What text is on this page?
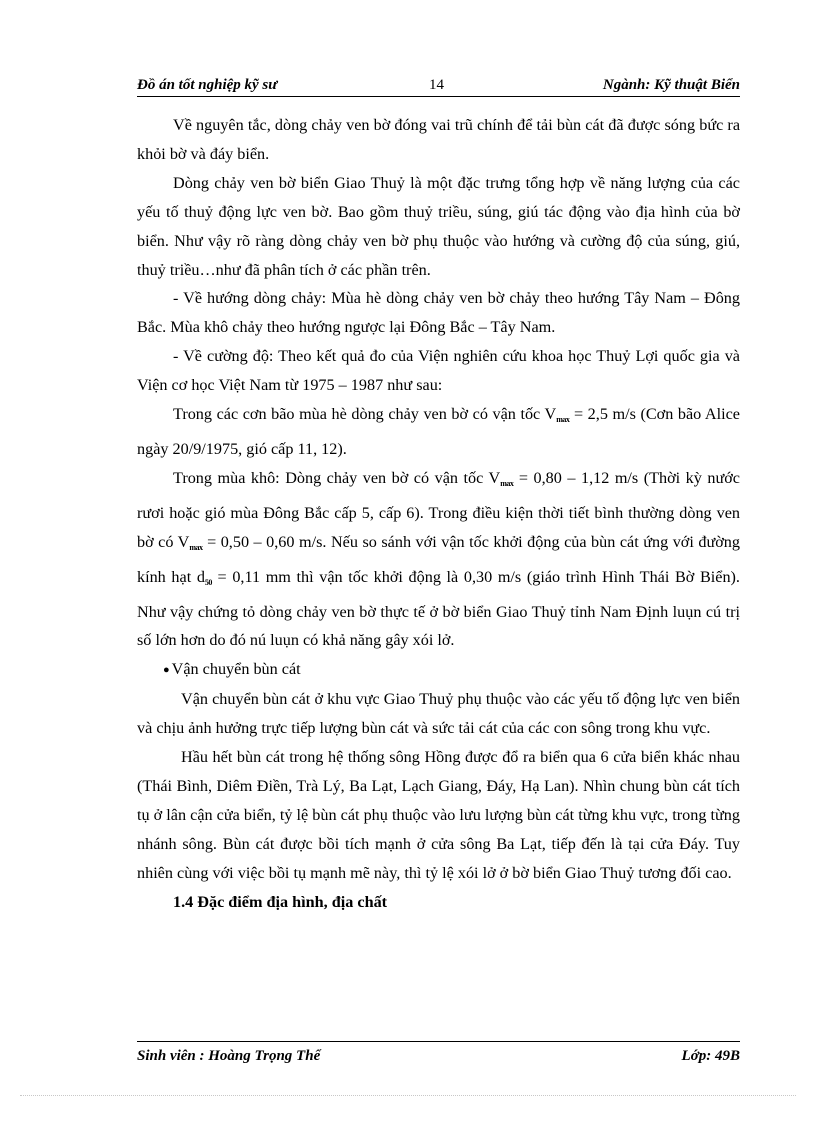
Đồ án tốt nghiệp kỹ sư	14	Ngành: Kỹ thuật Biển

Về nguyên tắc, dòng chảy ven bờ đóng vai trũ chính để tải bùn cát đã được sóng bức ra khỏi bờ và đáy biển.

Dòng chảy ven bờ biển Giao Thuỷ là một đặc trưng tổng hợp về năng lượng của các yếu tố thuỷ động lực ven bờ. Bao gồm thuỷ triều, súng, giú tác động vào địa hình của bờ biển. Như vậy rõ ràng dòng chảy ven bờ phụ thuộc vào hướng và cường độ của súng, giú, thuỷ triều…như đã phân tích ở các phần trên.

- Về hướng dòng chảy: Mùa hè dòng chảy ven bờ chảy theo hướng Tây Nam – Đông Bắc. Mùa khô chảy theo hướng ngược lại Đông Bắc – Tây Nam.

- Về cường độ: Theo kết quả đo của Viện nghiên cứu khoa học Thuỷ Lợi quốc gia và Viện cơ học Việt Nam từ 1975 – 1987 như sau:

Trong các cơn bão mùa hè dòng chảy ven bờ có vận tốc $V_{max} = 2,5$ m/s (Cơn bão Alice ngày 20/9/1975, gió cấp 11, 12).

Trong mùa khô: Dòng chảy ven bờ có vận tốc $V_{max} = 0,80 - 1,12$ m/s (Thời kỳ nước rươi hoặc gió mùa Đông Bắc cấp 5, cấp 6). Trong điều kiện thời tiết bình thường dòng ven bờ có $V_{max} = 0,50 - 0,60$ m/s. Nếu so sánh với vận tốc khởi động của bùn cát ứng với đường kính hạt $d_{50} = 0,11$ mm thì vận tốc khởi động là 0,30 m/s (giáo trình Hình Thái Bờ Biển). Như vậy chứng tỏ dòng chảy ven bờ thực tế ở bờ biển Giao Thuỷ tỉnh Nam Định luụn cú trị số lớn hơn do đó nú luụn có khả năng gây xói lở.

● Vận chuyển bùn cát

Vận chuyển bùn cát ở khu vực Giao Thuỷ phụ thuộc vào các yếu tố động lực ven biển và chịu ảnh hưởng trực tiếp lượng bùn cát và sức tải cát của các con sông trong khu vực.

Hầu hết bùn cát trong hệ thống sông Hồng được đổ ra biển qua 6 cửa biển khác nhau (Thái Bình, Diêm Điền, Trà Lý, Ba Lạt, Lạch Giang, Đáy, Hạ Lan). Nhìn chung bùn cát tích tụ ở lân cận cửa biển, tỷ lệ bùn cát phụ thuộc vào lưu lượng bùn cát từng khu vực, trong từng nhánh sông. Bùn cát được bồi tích mạnh ở cửa sông Ba Lạt, tiếp đến là tại cửa Đáy. Tuy nhiên cùng với việc bồi tụ mạnh mẽ này, thì tỷ lệ xói lở ở bờ biển Giao Thuỷ tương đối cao.

1.4 Đặc điểm địa hình, địa chất

Sinh viên : Hoàng Trọng Thể	Lớp: 49B
